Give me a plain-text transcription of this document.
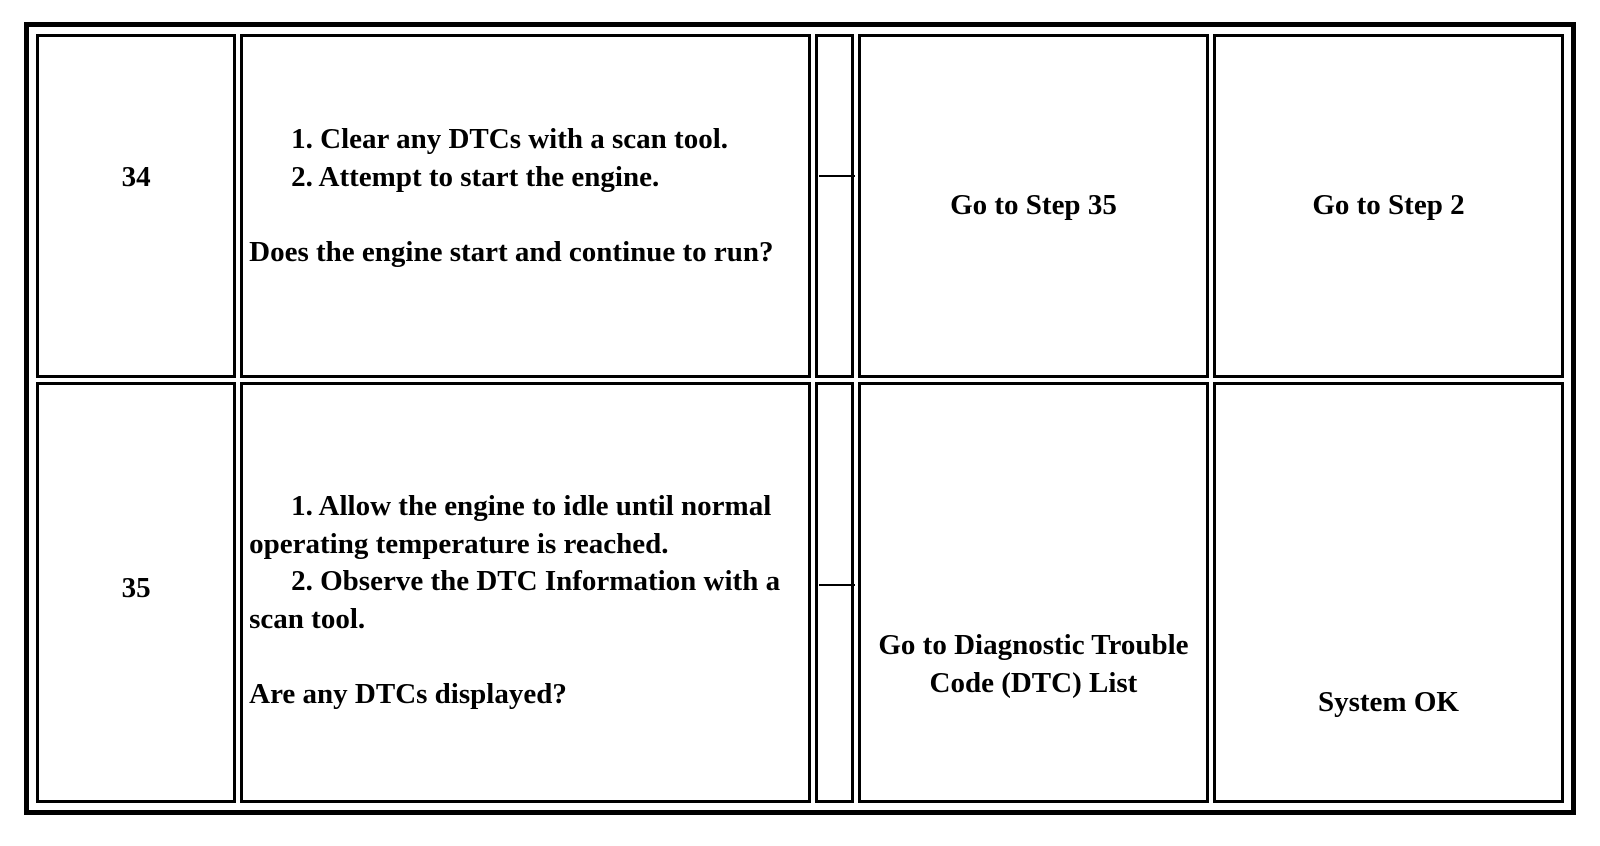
34	1. Clear any DTCs with a scan tool.
2. Attempt to start the engine.
Does the engine start and continue to run?		Go to Step 35	Go to Step 2

35	1. Allow the engine to idle until normal operating temperature is reached.
2. Observe the DTC Information with a scan tool.
Are any DTCs displayed?		Go to Diagnostic Trouble Code (DTC) List	System OK
